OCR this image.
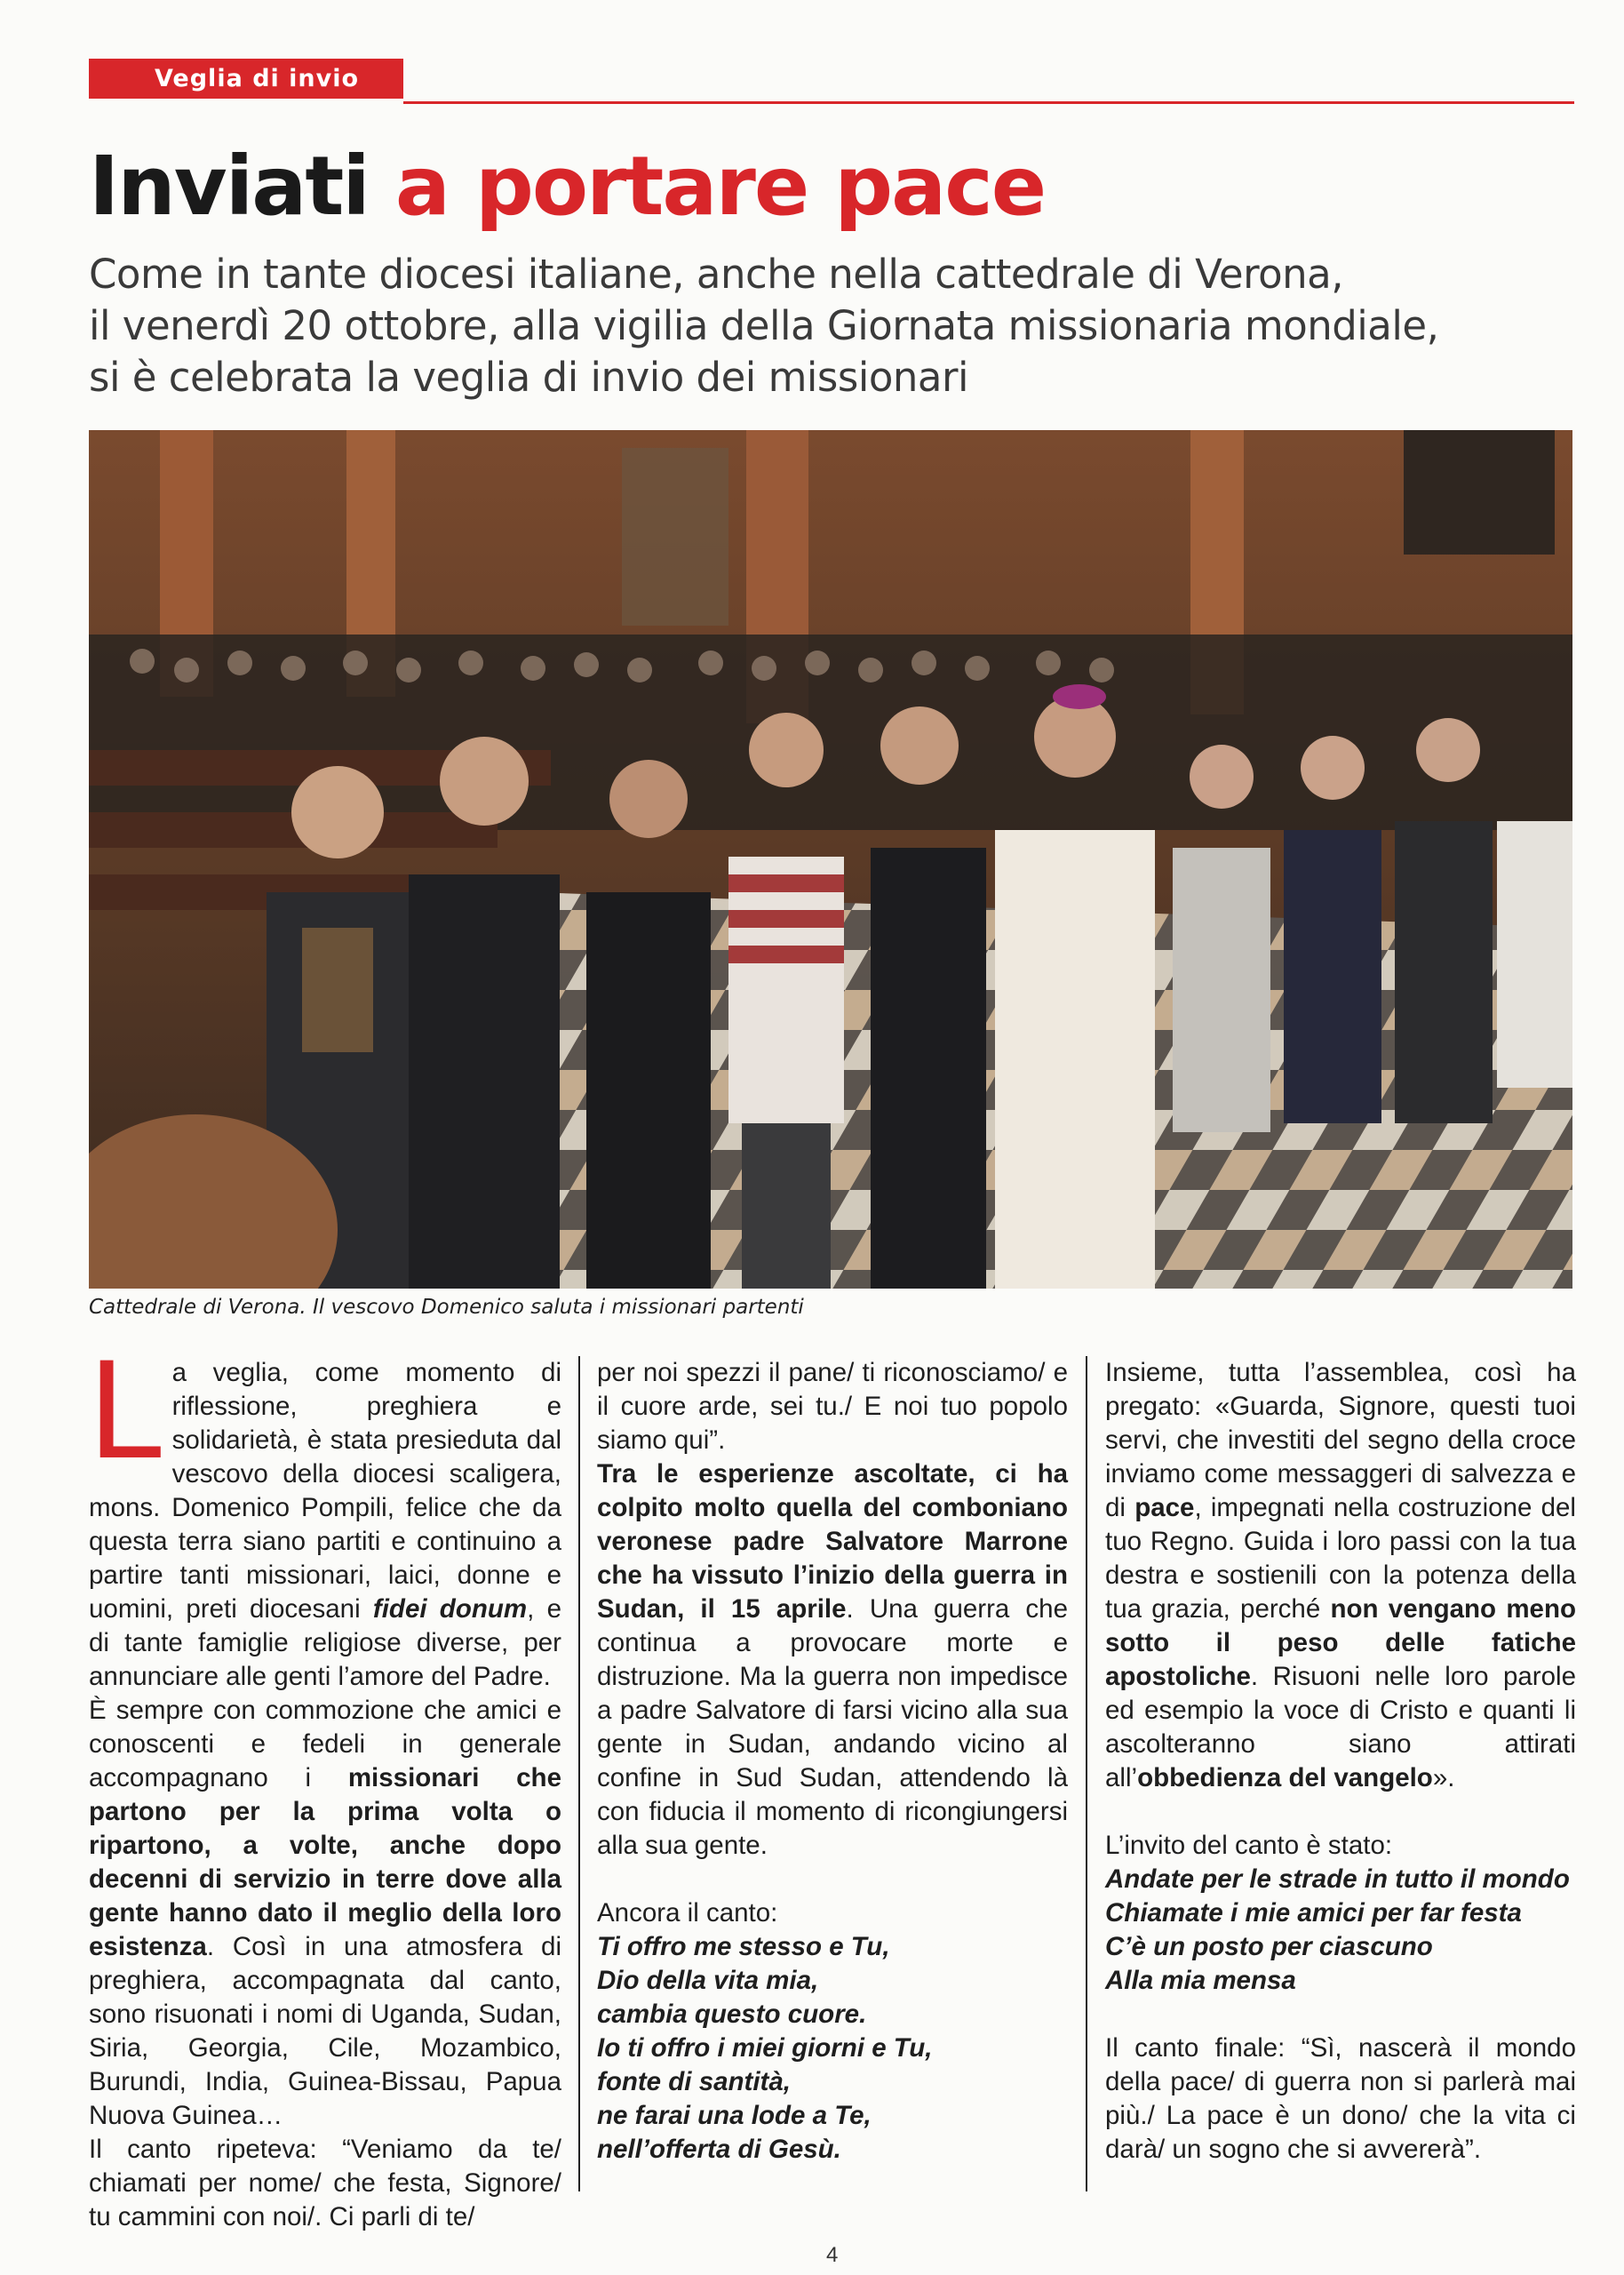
Veglia di invio
Inviati a portare pace
Come in tante diocesi italiane, anche nella cattedrale di Verona,
il venerdì 20 ottobre, alla vigilia della Giornata missionaria mondiale,
si è celebrata la veglia di invio dei missionari
Cattedrale di Verona. Il vescovo Domenico saluta i missionari partenti

La veglia, come momento di riflessione, preghiera e solidarietà, è stata presieduta dal vescovo della diocesi scaligera, mons. Domenico Pompili, felice che da questa terra siano partiti e continuino a partire tanti missionari, laici, donne e uomini, preti diocesani fidei donum, e di tante famiglie religiose diverse, per annunciare alle genti l’amore del Padre.

È sempre con commozione che amici e conoscenti e fedeli in generale accompagnano i missionari che partono per la prima volta o ripartono, a volte, anche dopo decenni di servizio in terre dove alla gente hanno dato il meglio della loro esistenza. Così in una atmosfera di preghiera, accompagnata dal canto, sono risuonati i nomi di Uganda, Sudan, Siria, Georgia, Cile, Mozambico, Burundi, India, Guinea-Bissau, Papua Nuova Guinea…

Il canto ripeteva: “Veniamo da te/ chiamati per nome/ che festa, Signore/ tu cammini con noi/. Ci parli di te/

per noi spezzi il pane/ ti riconosciamo/ e il cuore arde, sei tu./ E noi tuo popolo siamo qui”.

Tra le esperienze ascoltate, ci ha colpito molto quella del comboniano veronese padre Salvatore Marrone che ha vissuto l’inizio della guerra in Sudan, il 15 aprile. Una guerra che continua a provocare morte e distruzione. Ma la guerra non impedisce a padre Salvatore di farsi vicino alla sua gente in Sudan, andando vicino al confine in Sud Sudan, attendendo là con fiducia il momento di ricongiungersi alla sua gente.

Ancora il canto:

Ti offro me stesso e Tu,
Dio della vita mia,
cambia questo cuore.
Io ti offro i miei giorni e Tu,
fonte di santità,
ne farai una lode a Te,
nell’offerta di Gesù.

Insieme, tutta l’assemblea, così ha pregato: «Guarda, Signore, questi tuoi servi, che investiti del segno della croce inviamo come messaggeri di salvezza e di pace, impegnati nella costruzione del tuo Regno. Guida i loro passi con la tua destra e sostienili con la potenza della tua grazia, perché non vengano meno sotto il peso delle fatiche apostoliche. Risuoni nelle loro parole ed esempio la voce di Cristo e quanti li ascolteranno siano attirati all’obbedienza del vangelo».

L’invito del canto è stato:

Andate per le strade in tutto il mondo
Chiamate i mie amici per far festa
C’è un posto per ciascuno
Alla mia mensa

Il canto finale: “Sì, nascerà il mondo della pace/ di guerra non si parlerà mai più./ La pace è un dono/ che la vita ci darà/ un sogno che si avvererà”.

4
